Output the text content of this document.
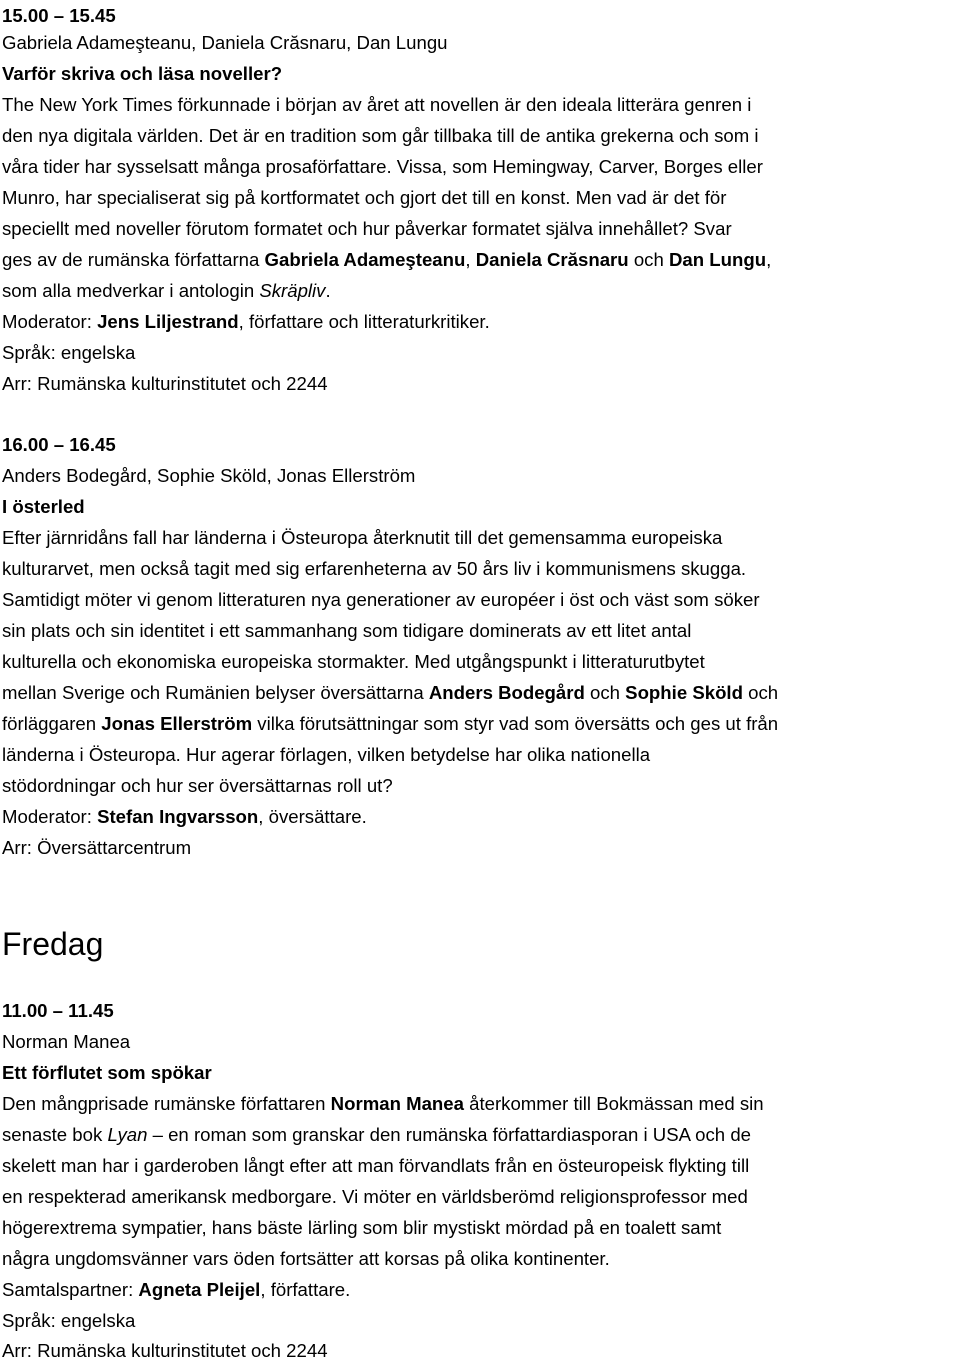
15.00 – 15.45
Gabriela Adameşteanu, Daniela Crăsnaru, Dan Lungu
Varför skriva och läsa noveller?
The New York Times förkunnade i början av året att novellen är den ideala litterära genren i
den nya digitala världen. Det är en tradition som går tillbaka till de antika grekerna och som i
våra tider har sysselsatt många prosaförfattare. Vissa, som Hemingway, Carver, Borges eller
Munro, har specialiserat sig på kortformatet och gjort det till en konst. Men vad är det för
speciellt med noveller förutom formatet och hur påverkar formatet själva innehållet? Svar
ges av de rumänska författarna Gabriela Adameşteanu, Daniela Crăsnaru och Dan Lungu,
som alla medverkar i antologin Skräpliv.
Moderator: Jens Liljestrand, författare och litteraturkritiker.
Språk: engelska
Arr: Rumänska kulturinstitutet och 2244
16.00 – 16.45
Anders Bodegård, Sophie Sköld, Jonas Ellerström
I österled
Efter järnridåns fall har länderna i Östeuropa återknutit till det gemensamma europeiska
kulturarvet, men också tagit med sig erfarenheterna av 50 års liv i kommunismens skugga.
Samtidigt möter vi genom litteraturen nya generationer av européer i öst och väst som söker
sin plats och sin identitet i ett sammanhang som tidigare dominerats av ett litet antal
kulturella och ekonomiska europeiska stormakter. Med utgångspunkt i litteraturutbytet
mellan Sverige och Rumänien belyser översättarna Anders Bodegård och Sophie Sköld och
förläggaren Jonas Ellerström vilka förutsättningar som styr vad som översätts och ges ut från
länderna i Östeuropa. Hur agerar förlagen, vilken betydelse har olika nationella
stödordningar och hur ser översättarnas roll ut?
Moderator: Stefan Ingvarsson, översättare.
Arr: Översättarcentrum
Fredag
11.00 – 11.45
Norman Manea
Ett förflutet som spökar
Den mångprisade rumänske författaren Norman Manea återkommer till Bokmässan med sin
senaste bok Lyan – en roman som granskar den rumänska författardiasporan i USA och de
skelett man har i garderoben långt efter att man förvandlats från en östeuropeisk flykting till
en respekterad amerikansk medborgare. Vi möter en världsberömd religionsprofessor med
högerextrema sympatier, hans bäste lärling som blir mystiskt mördad på en toalett samt
några ungdomsvänner vars öden fortsätter att korsas på olika kontinenter.
Samtalspartner: Agneta Pleijel, författare.
Språk: engelska
Arr: Rumänska kulturinstitutet och 2244
